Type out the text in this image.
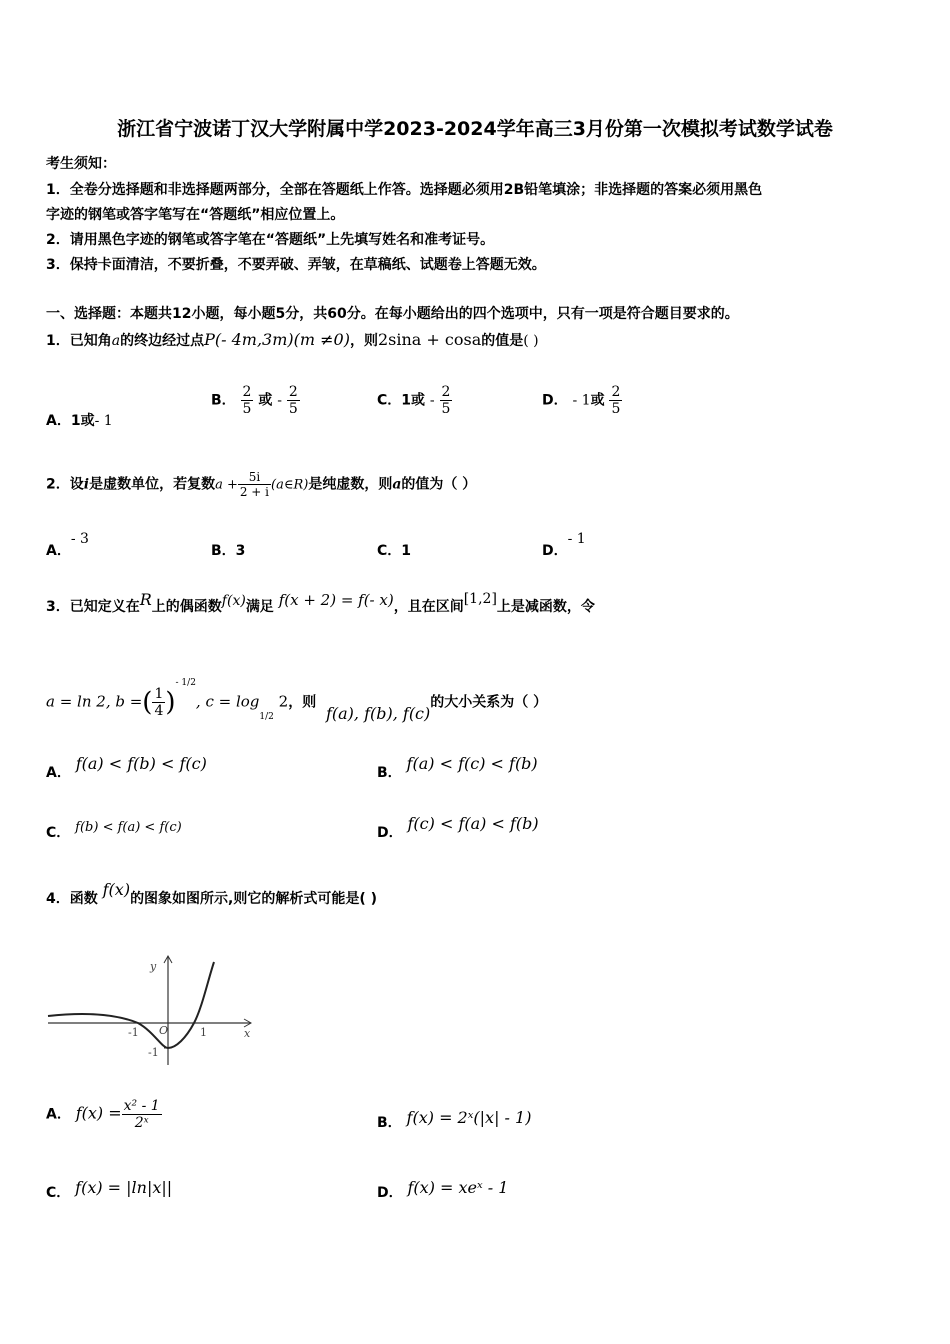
浙江省宁波诺丁汉大学附属中学2023-2024学年高三3月份第一次模拟考试数学试卷
考生须知：
1．全卷分选择题和非选择题两部分，全部在答题纸上作答。选择题必须用2B铅笔填涂；非选择题的答案必须用黑色
字迹的钢笔或答字笔写在“答题纸”相应位置上。
2．请用黑色字迹的钢笔或答字笔在“答题纸”上先填写姓名和准考证号。
3．保持卡面清洁，不要折叠，不要弄破、弄皱，在草稿纸、试题卷上答题无效。
一、选择题：本题共12小题，每小题5分，共60分。在每小题给出的四个选项中，只有一项是符合题目要求的。
1．已知角a的终边经过点P(- 4m,3m)(m ≠0)，则2sina + cosa的值是( )
A．1或- 1
B． $\frac{2}{5}$ 或 - $\frac{2}{5}$	C．1或 - $\frac{2}{5}$	D． - 1或 $\frac{2}{5}$
2．设i是虚数单位，若复数$a + \frac{5i}{2 + i}$ (a∈R)是纯虚数，则a的值为（ ）
A．- 3
B．3	C．1	D．- 1
3．已知定义在R上的偶函数f(x)满足 f(x + 2) = f(- x)，且在区间[1,2]上是减函数，令
a = ln 2, b =( $\frac{1}{4} )^{- 1/2}$, $c = \log_{1/2} 2$，则  f(a), f(b), f(c)的大小关系为（ ）
A． f(a) < f(b) < f(c)	B． f(a) < f(c) < f(b)
C． f(b) < f(a) < f(c)	D． f(c) < f(a) < f(b)
4．函数 f(x)的图象如图所示,则它的解析式可能是( )
y
x
O
-1	1
-1
A． $f(x) = \frac{\text{x² - 1}}{\text{2ˣ}}$	B． f(x) = 2ˣ(|x| - 1)
C． f(x) = |ln|x||	D． f(x) = xeˣ - 1
